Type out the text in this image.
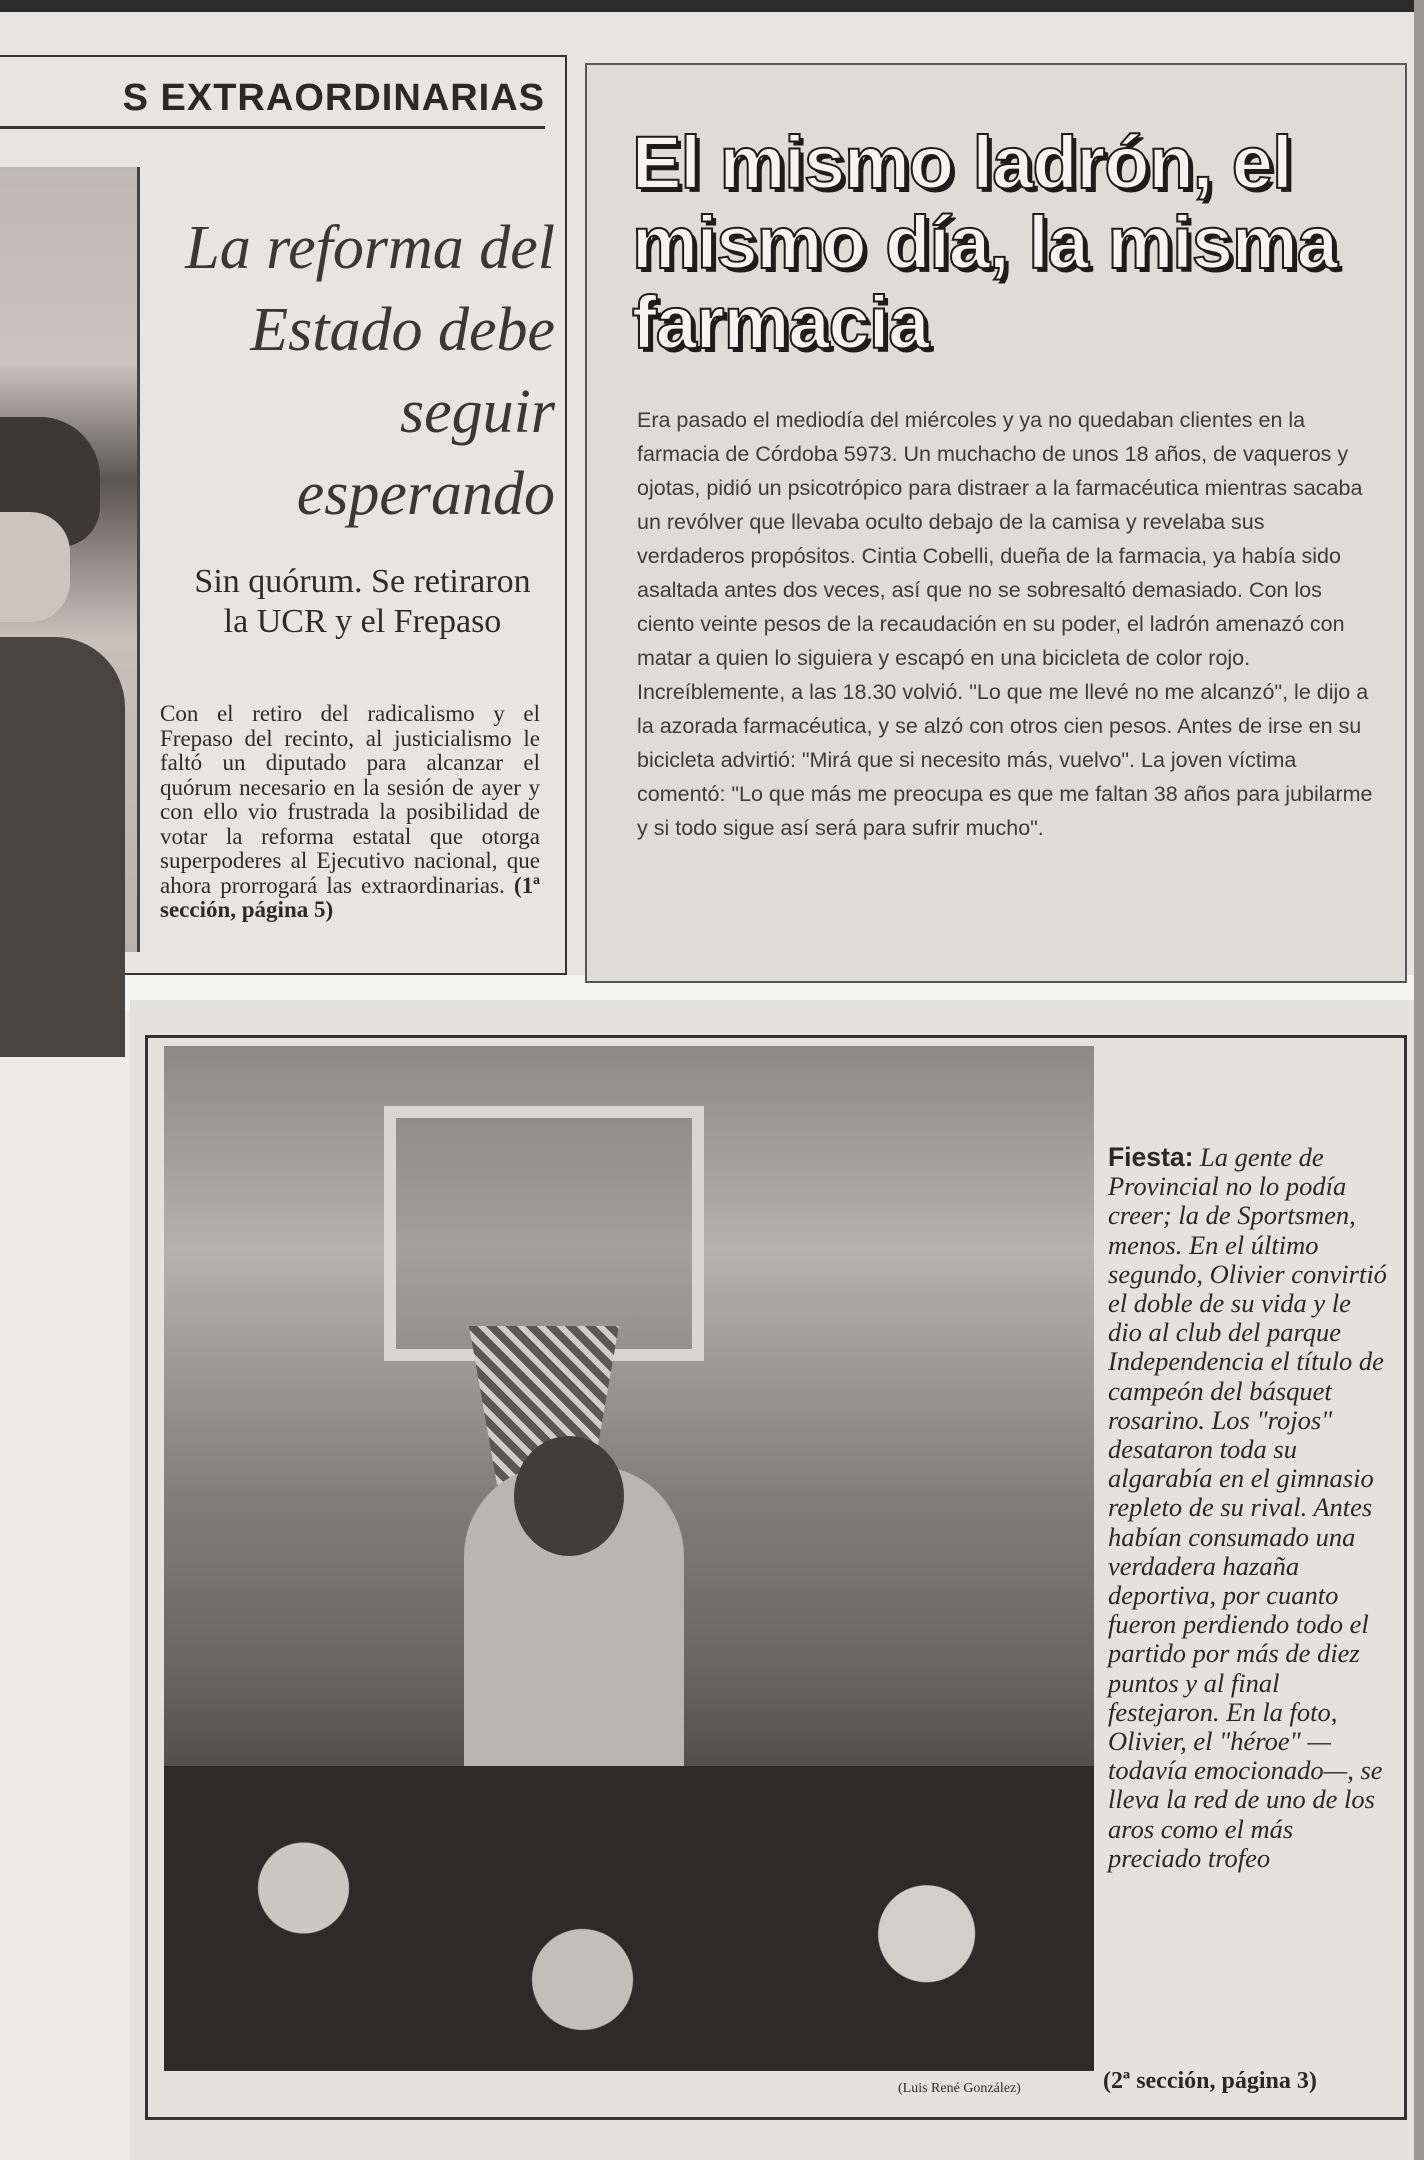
S EXTRAORDINARIAS
La reforma del Estado debe seguir esperando
Sin quórum. Se retiraron la UCR y el Frepaso
Con el retiro del radicalismo y el Frepaso del recinto, al justicialismo le faltó un diputado para alcanzar el quórum necesario en la sesión de ayer y con ello vio frustrada la posibilidad de votar la reforma estatal que otorga superpoderes al Ejecutivo nacional, que ahora prorrogará las extraordinarias. (1ª sección, página 5)
El mismo ladrón, el mismo día, la misma farmacia
Era pasado el mediodía del miércoles y ya no quedaban clientes en la farmacia de Córdoba 5973. Un muchacho de unos 18 años, de vaqueros y ojotas, pidió un psicotrópico para distraer a la farmacéutica mientras sacaba un revólver que llevaba oculto debajo de la camisa y revelaba sus verdaderos propósitos. Cintia Cobelli, dueña de la farmacia, ya había sido asaltada antes dos veces, así que no se sobresaltó demasiado. Con los ciento veinte pesos de la recaudación en su poder, el ladrón amenazó con matar a quien lo siguiera y escapó en una bicicleta de color rojo. Increíblemente, a las 18.30 volvió. "Lo que me llevé no me alcanzó", le dijo a la azorada farmacéutica, y se alzó con otros cien pesos. Antes de irse en su bicicleta advirtió: "Mirá que si necesito más, vuelvo". La joven víctima comentó: "Lo que más me preocupa es que me faltan 38 años para jubilarme y si todo sigue así será para sufrir mucho".
(Luis René González)
Fiesta: La gente de Provincial no lo podía creer; la de Sportsmen, menos. En el último segundo, Olivier convirtió el doble de su vida y le dio al club del parque Independencia el título de campeón del básquet rosarino. Los "rojos" desataron toda su algarabía en el gimnasio repleto de su rival. Antes habían consumado una verdadera hazaña deportiva, por cuanto fueron perdiendo todo el partido por más de diez puntos y al final festejaron. En la foto, Olivier, el "héroe" —todavía emocionado—, se lleva la red de uno de los aros como el más preciado trofeo
(2ª sección, página 3)
